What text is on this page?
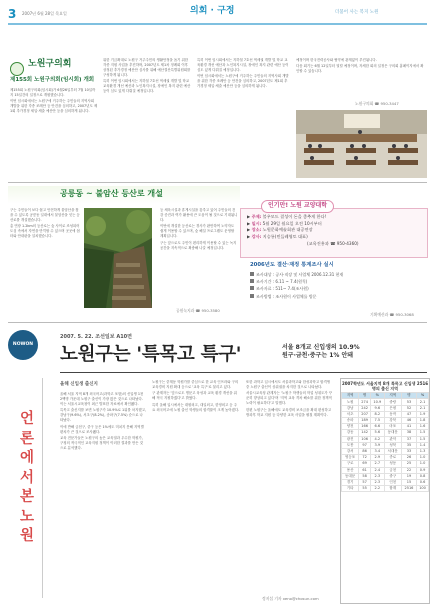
3 2007년 6월 28일 목요일	의회 · 구정	더불어 사는 복지 노원
노원구의회
제155회 노원구의회(임시회) 개회

제155회 노원구의회(임시회)가 6월26일부터 7월 10일까지 15일간의 일정으로 개원했습니다.

이번 임시회에서는 노원구에 거주하는 주민들의 지역사회 개발을 위한 각종 조례안 등 안건을 심의하고, 2007년도 제1회 추가경정 세입·세출 예산안 등을 심의하게 됩니다.

위한 기금확대로 노원구 거주주민의 생활안정을 돕기 위한 각종 지원 사업을 추진하며, 2007년도 제1차 정례회 이후 상정된 추가경정 예산안 심사를 위해 예산결산특별위원회를 구성하게 됩니다.

특히 이번 임시회에서는 지하철 7호선 역세권 개발 및 학교 교육환경 개선 예산과 노인복지시설, 장애인 복지 관련 예산 등이 심도 있게 다뤄질 예정입니다.

특히 이번 임시회에서는 지하철 7호선 역세권 개발 및 학교 교육환경 개선 예산과 노인복지시설, 장애인 복지 관련 예산 등이 심도 있게 다뤄질 예정입니다.

이번 임시회에서는 노원구에 거주하는 주민들의 지역사회 개발을 위한 각종 조례안 등 안건을 심의하고, 2007년도 제1회 추가경정 세입·세출 예산안 등을 심의하게 됩니다.

예정이며 한국전력공사와 협약에 관계없이 추진됩니다.

다음 회기는 6월 12일부터 열릴 예정이며, 자세한 회의 일정은 구의회 홈페이지에서 확인할 수 있습니다.

노원구의회 ☎ 950-3447
공릉동 ~ 불암산 등산로 개설

구는 주민들이 보다 쉽고 안전하게 불암산을 찾을 수 있도록 공릉동 일대에서 불암산을 잇는 등산로를 개설했습니다.

총 연장 1.2km의 등산로는 숲 사이로 조성되어 도심 속에서 자연을 만끽할 수 있으며 곳곳에 쉼터와 안내판을 설치했습니다.

등 체육시설과 휴게시설을 갖추고 있어 주민들의 건강 증진과 여가 활용에 큰 도움이 될 것으로 기대됩니다.

이번에 개설한 등산로는 경사가 완만하여 노약자도 쉽게 이용할 수 있으며, 숲 해설 프로그램도 운영할 계획입니다.

구는 앞으로도 주민이 편리하게 이용할 수 있는 녹지 공간을 지속적으로 확충해 나갈 예정입니다.

공원녹지과 ☎ 950-3580
인기만! 노원 교양대학
▶ 주제: 불우모드 결성이 돈을 좋추게 한다!
▶ 일시: 5월 29일 월요일 오전 10시부터
▶ 장소: 노원문화예술회관 대공연장
▶ 강사: 지승룡(민들레영토 대표)
(교육진흥과 ☎ 950-4360)
2006년도 결산·재정 통계조사 실시
조사대상 : 공사·직장 및 사업체 2006.12.31 현재
조사기간 : 6.11 ~ 7.4(원칙)
조사자료 : 511~ 7.4(조사원)
조사방법 : 조사원이 사업체를 방문
기획예산과 ☎ 950-3068
NOWON
2007. 5. 22. 조선일보 A10면
노원구는 '특목고 특구'	서울 8개교 신입생의 10.9%
원구·금천·중구는 1% 안돼
언론에서 본 노원
올해 신입생 출신지

올해 서울 지역 8개 외국어고(과학고 포함)의 신입생 1천 2백명 가운데 노원구 출신이 가장 많은 것으로 나타났다. 이는 서울시교육청이 최근 발표한 자료에서 확인됐다.

특목고 출신지를 보면 노원구가 10.9%로 1위를 차지했고, 강남구(9.6%), 서초구(8.2%), 송파구(7.5%) 순으로 나타났다.

이에 반해 금천구, 중구 등은 1%에도 미치지 못해 지역별 편차가 큰 것으로 조사됐다.

교육 전문가들은 노원구의 높은 교육열과 우수한 학원가, 구청의 적극적인 교육지원 정책이 이러한 결과를 만든 것으로 분석했다.

노원구는 중계동 학원가를 중심으로 한 교육 인프라와 구의 교육경비 지원 확대 등으로 '교육 특구'로 불리고 있다.

구 관계자는 '앞으로도 명문고 육성과 교육 환경 개선을 위해 적극 지원하겠다'고 밝혔다.

특히 올해 입시에서는 대원외고, 대일외고, 한영외고 등 주요 외국어고에 노원 출신 학생들의 합격률이 크게 높아졌다.

또한 과학고 입시에서도 서울과학고와 한성과학고 합격생 중 노원구 출신이 상위권을 차지한 것으로 나타났다.

서울시교육청 관계자는 '노원구 학생들의 학업 성취도가 꾸준히 향상되고 있다'며 '지역 교육 격차 해소를 위한 정책적 노력이 필요하다'고 말했다.

한편 노원구는 올해에도 교육경비 보조금을 확대 편성하고 방과후 학교 지원 등 다양한 교육 사업을 펼칠 계획이다.

정지섭 기자 xeno@chosun.com
2007학년도 서울지역 8개 특목고 신입생 2516명의 출신 지역
지역	명	%	지역	명	%
노원	274	10.9	중랑	53	2.1
강남	242	9.6	은평	52	2.1
서초	207	8.2	동작	47	1.9
송파	189	7.5	강북	46	1.8
양천	166	6.6	마포	41	1.6
강동	142	5.6	동대문	38	1.5
광진	106	4.2	관악	37	1.5
도봉	97	3.9	성북	35	1.4
강서	86	3.4	서대문	33	1.3
영등포	72	2.9	종로	26	1.0
구로	69	2.7	성동	25	1.0
용산	61	2.4	금천	22	0.9
동대문	58	2.3	중구	19	0.8
경기	57	2.3	인천	15	0.6
기타	55	2.2	합계	2516	100
